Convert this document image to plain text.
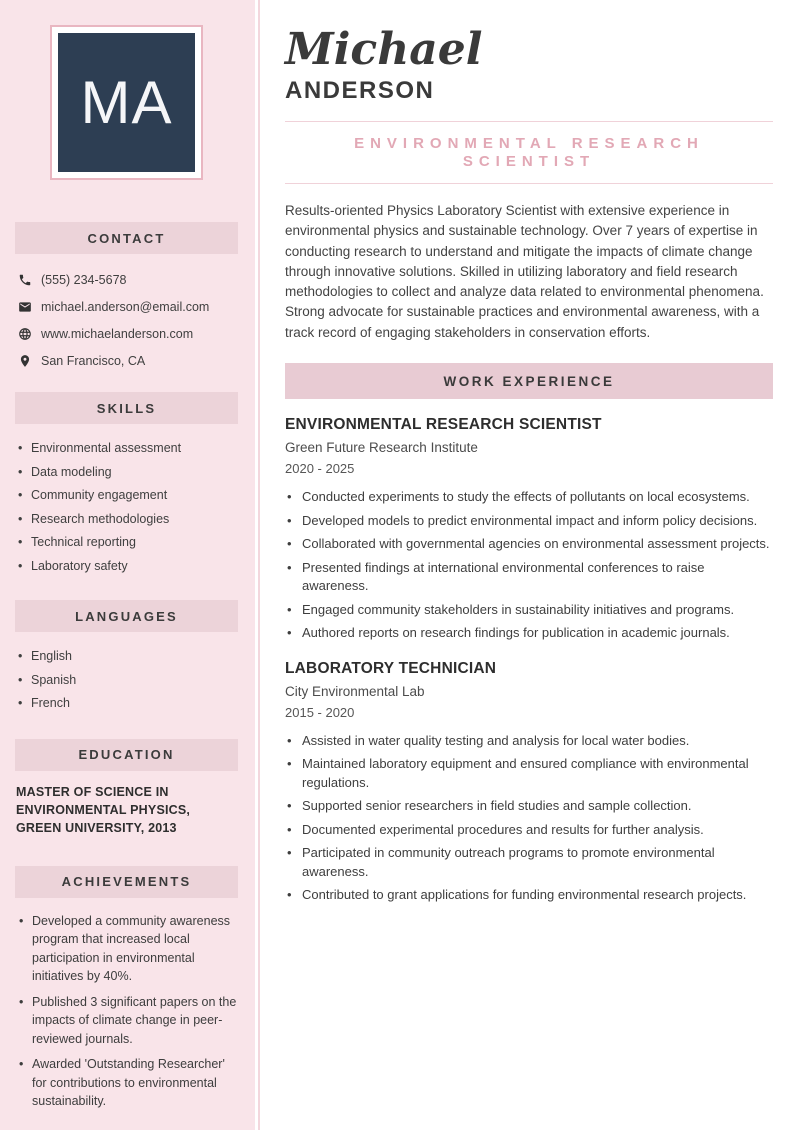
MA
CONTACT
(555) 234-5678
michael.anderson@email.com
www.michaelanderson.com
San Francisco, CA
SKILLS
• Environmental assessment
• Data modeling
• Community engagement
• Research methodologies
• Technical reporting
• Laboratory safety
LANGUAGES
• English
• Spanish
• French
EDUCATION
MASTER OF SCIENCE IN ENVIRONMENTAL PHYSICS, GREEN UNIVERSITY, 2013
ACHIEVEMENTS
• Developed a community awareness program that increased local participation in environmental initiatives by 40%.
• Published 3 significant papers on the impacts of climate change in peer-reviewed journals.
• Awarded 'Outstanding Researcher' for contributions to environmental sustainability.
Michael
ANDERSON
ENVIRONMENTAL RESEARCH SCIENTIST

Results-oriented Physics Laboratory Scientist with extensive experience in environmental physics and sustainable technology. Over 7 years of expertise in conducting research to understand and mitigate the impacts of climate change through innovative solutions. Skilled in utilizing laboratory and field research methodologies to collect and analyze data related to environmental phenomena. Strong advocate for sustainable practices and environmental awareness, with a track record of engaging stakeholders in conservation efforts.

WORK EXPERIENCE
ENVIRONMENTAL RESEARCH SCIENTIST
Green Future Research Institute
2020 - 2025
• Conducted experiments to study the effects of pollutants on local ecosystems.
• Developed models to predict environmental impact and inform policy decisions.
• Collaborated with governmental agencies on environmental assessment projects.
• Presented findings at international environmental conferences to raise awareness.
• Engaged community stakeholders in sustainability initiatives and programs.
• Authored reports on research findings for publication in academic journals.
LABORATORY TECHNICIAN
City Environmental Lab
2015 - 2020
• Assisted in water quality testing and analysis for local water bodies.
• Maintained laboratory equipment and ensured compliance with environmental regulations.
• Supported senior researchers in field studies and sample collection.
• Documented experimental procedures and results for further analysis.
• Participated in community outreach programs to promote environmental awareness.
• Contributed to grant applications for funding environmental research projects.
